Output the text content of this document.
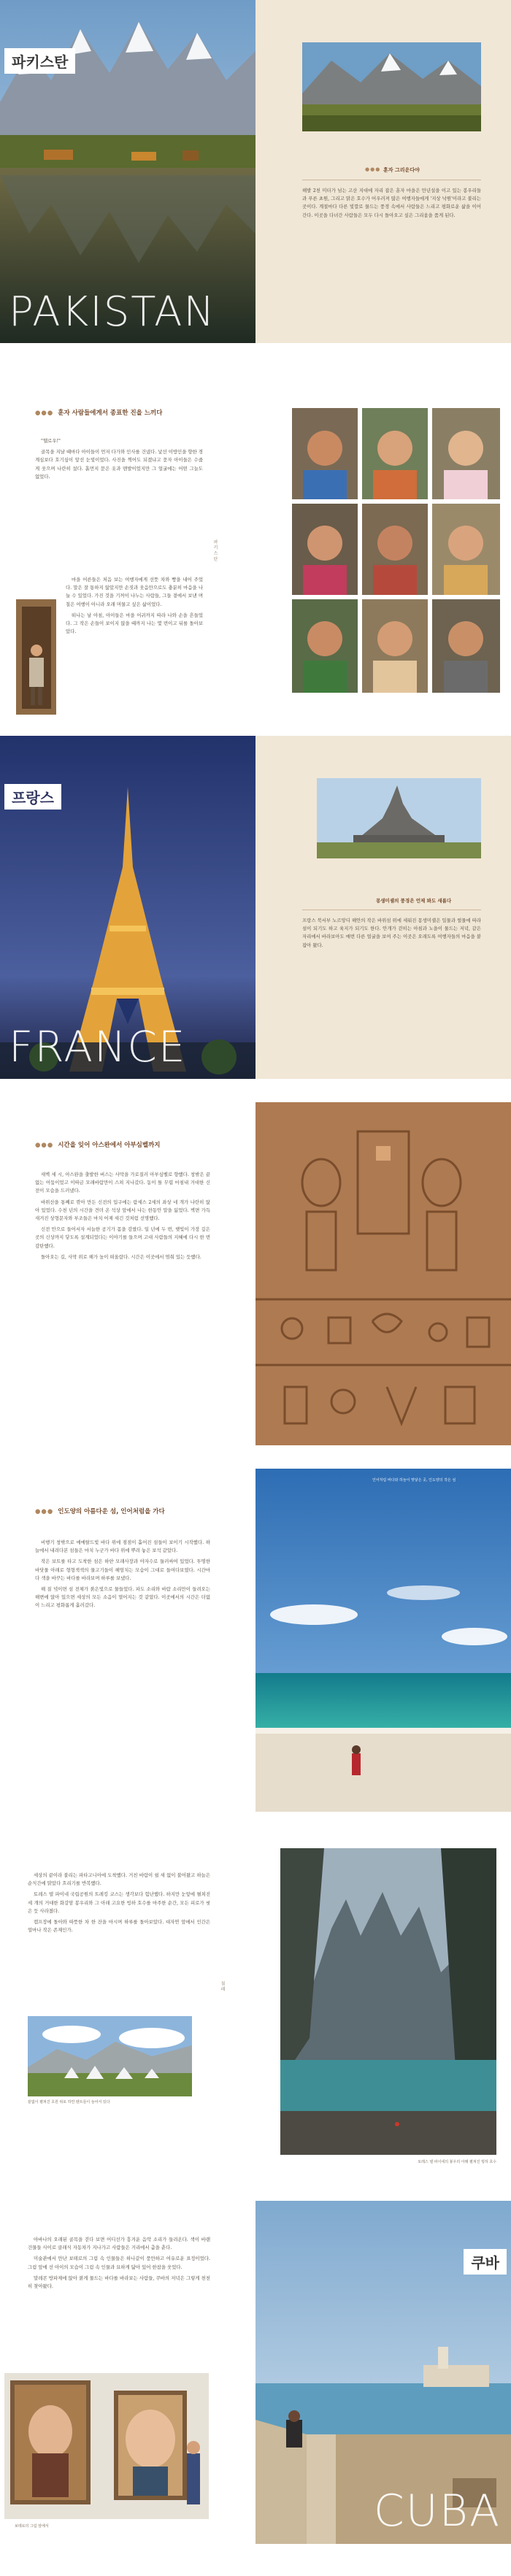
파키스탄
PAKISTAN
●●● 훈자 그리운다야
해발 2천 미터가 넘는 고산 지대에 자리 잡은 훈자 마을은 만년설을 이고 있는 봉우리들과 푸른 초원, 그리고 맑은 호수가 어우러져 많은 여행자들에게 '지상 낙원'이라고 불리는 곳이다. 계절마다 다른 빛깔로 물드는 풍경 속에서 사람들은 느리고 평화로운 삶을 이어간다. 이곳을 다녀간 사람들은 모두 다시 돌아오고 싶은 그리움을 품게 된다.
●●● 훈자 사람들에게서 종표한 진을 느끼다

"헬로우!"

골목을 지날 때마다 아이들이 먼저 다가와 인사를 건넸다. 낯선 이방인을 향한 경계심보다 호기심이 앞선 눈빛이었다. 사진을 찍어도 되겠냐고 묻자 아이들은 수줍게 웃으며 나란히 섰다. 흙먼지 묻은 옷과 맨발이었지만 그 얼굴에는 어떤 그늘도 없었다.

마을 어른들은 처음 보는 여행자에게 선뜻 차와 빵을 내어 주었다. 말은 잘 통하지 않았지만 손짓과 웃음만으로도 충분히 마음을 나눌 수 있었다. 가진 것을 기꺼이 나누는 사람들, 그들 곁에서 보낸 며칠은 여행이 아니라 오래 머물고 싶은 삶이었다.

떠나는 날 아침, 아이들은 마을 어귀까지 따라 나와 손을 흔들었다. 그 작은 손들이 보이지 않을 때까지 나는 몇 번이고 뒤를 돌아보았다.

파 키 스 탄
프랑스
FRANCE
몽생미셸의 풍경은 언제 봐도 새롭다
프랑스 북서부 노르망디 해안의 작은 바위섬 위에 세워진 몽생미셸은 밀물과 썰물에 따라 섬이 되기도 하고 육지가 되기도 한다. 안개가 걷히는 아침과 노을이 물드는 저녁, 같은 자리에서 바라보아도 매번 다른 얼굴을 보여 주는 이곳은 오래도록 여행자들의 마음을 붙잡아 왔다.
●●● 시간을 잊어 아스완에서 아부심벨까지

새벽 세 시, 아스완을 출발한 버스는 사막을 가로질러 아부심벨로 향했다. 창밖은 끝없는 어둠이었고 이따금 모래바람만이 스쳐 지나갔다. 동이 틀 무렵 마침내 거대한 신전이 모습을 드러냈다.

바위산을 통째로 깎아 만든 신전의 입구에는 람세스 2세의 좌상 네 개가 나란히 앉아 있었다. 수천 년의 시간을 견뎌 온 석상 앞에서 나는 한동안 말을 잃었다. 벽면 가득 새겨진 상형문자와 부조들은 마치 어제 새긴 것처럼 선명했다.

신전 안으로 들어서자 서늘한 공기가 몸을 감쌌다. 일 년에 두 번, 햇빛이 가장 깊은 곳의 신상까지 닿도록 설계되었다는 이야기를 들으며 고대 사람들의 지혜에 다시 한 번 감탄했다.

돌아오는 길, 사막 위로 해가 높이 떠올랐다. 시간은 이곳에서 멈춰 있는 듯했다.

●●● 인도양의 아름다운 섬, 인어처럼을 가다

비행기 창밖으로 에메랄드빛 바다 위에 점점이 흩어진 섬들이 보이기 시작했다. 하늘에서 내려다본 섬들은 마치 누군가 바다 위에 뿌려 놓은 보석 같았다.

작은 보트를 타고 도착한 섬은 하얀 모래사장과 야자수로 둘러싸여 있었다. 투명한 바닷물 아래로 형형색색의 물고기들이 헤엄치는 모습이 그대로 들여다보였다. 시간마다 색을 바꾸는 바다를 바라보며 하루를 보냈다.

해 질 녘이면 섬 전체가 붉은빛으로 물들었다. 파도 소리와 바람 소리만이 들려오는 해변에 앉아 있으면 세상의 모든 소음이 멀어지는 것 같았다. 이곳에서의 시간은 더없이 느리고 평화롭게 흘러갔다.

인어처럼 바다와 하늘이 맞닿은 곳, 인도양의 작은 섬

세상의 끝이라 불리는 파타고니아에 도착했다. 거친 바람이 쉴 새 없이 불어왔고 하늘은 순식간에 맑았다 흐리기를 반복했다.

토레스 델 파이네 국립공원의 트레킹 코스는 생각보다 험난했다. 하지만 눈앞에 펼쳐진 세 개의 거대한 화강암 봉우리와 그 아래 고요한 빙하 호수를 마주한 순간, 모든 피로가 씻은 듯 사라졌다.

캠프장에 돌아와 따뜻한 차 한 잔을 마시며 하루를 돌아보았다. 대자연 앞에서 인간은 얼마나 작은 존재인가.

칠 레
끝없이 펼쳐진 초원 위로 하얀 텐트들이 늘어서 있다
토레스 델 파이네의 봉우리 아래 펼쳐진 빙하 호수

아바나의 오래된 골목을 걷다 보면 어디선가 흥겨운 음악 소리가 들려온다. 색이 바랜 건물들 사이로 클래식 자동차가 지나가고 사람들은 거리에서 춤을 춘다.

미술관에서 만난 보테로의 그림 속 인물들은 하나같이 풍만하고 여유로운 표정이었다. 그림 앞에 선 아이의 모습이 그림 속 인물과 묘하게 닮아 있어 한참을 웃었다.

말레콘 방파제에 앉아 붉게 물드는 바다를 바라보는 사람들, 쿠바의 저녁은 그렇게 천천히 찾아왔다.

보테로의 그림 앞에서
쿠바
CUBA
